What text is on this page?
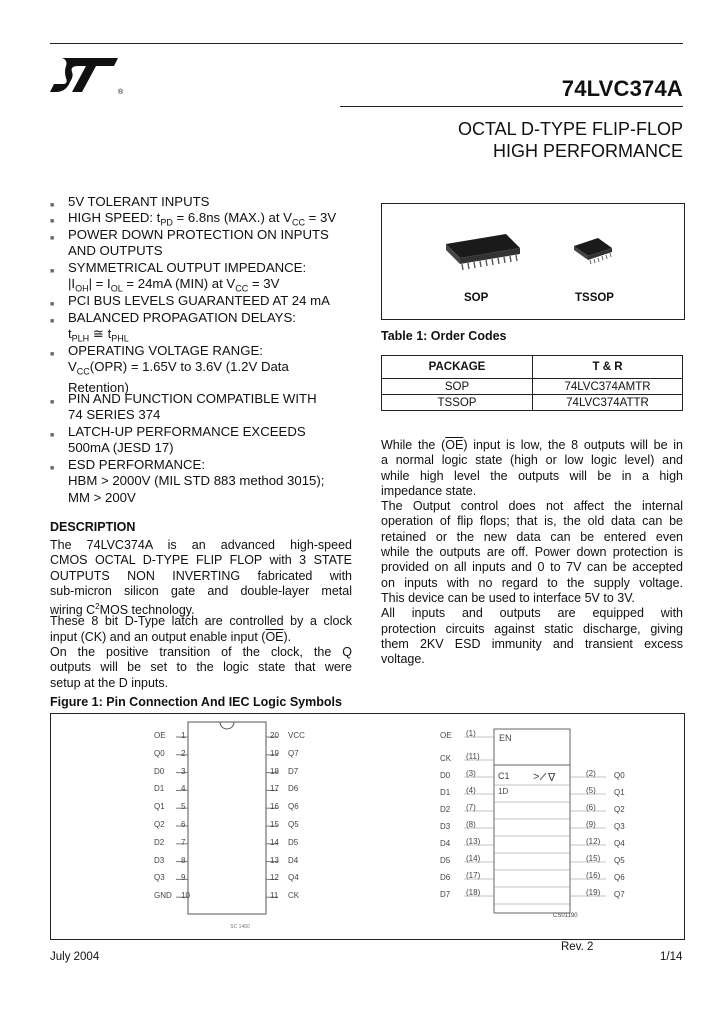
®	74LVC374A
OCTAL D-TYPE FLIP-FLOP
HIGH PERFORMANCE
■ 5V TOLERANT INPUTS
■ HIGH SPEED: $t_{PD} = 6.8ns$ (MAX.) at $V_{CC} = 3V$
■ POWER DOWN PROTECTION ON INPUTS
AND OUTPUTS
■ SYMMETRICAL OUTPUT IMPEDANCE:
$|I_{OH}| = I_{OL} = 24mA$ (MIN) at $V_{CC} = 3V$
■ PCI BUS LEVELS GUARANTEED AT 24 mA
■ BALANCED PROPAGATION DELAYS:
$t_{PLH}$ ≅ $t_{PHL}$
■ OPERATING VOLTAGE RANGE:
$V_{CC}(OPR) = 1.65V$ to 3.6V (1.2V Data
Retention)
■ PIN AND FUNCTION COMPATIBLE WITH
74 SERIES 374
■ LATCH-UP PERFORMANCE EXCEEDS
500mA (JESD 17)
■ ESD PERFORMANCE:
HBM > 2000V (MIL STD 883 method 3015);
MM > 200V
SOP	TSSOP
Table 1: Order Codes
PACKAGE	T & R
SOP	74LVC374AMTR
TSSOP	74LVC374ATTR
While the $(\overline{OE})$ input is low, the 8 outputs will be in
a normal logic state (high or low logic level) and
while high level the outputs will be in a high
impedance state.
The Output control does not affect the internal
operation of flip flops; that is, the old data can be
retained or the new data can be entered even
while the outputs are off. Power down protection is
provided on all inputs and 0 to 7V can be accepted
on inputs with no regard to the supply voltage.
This device can be used to interface 5V to 3V.
All inputs and outputs are equipped with
protection circuits against static discharge, giving
them 2KV ESD immunity and transient excess
voltage.
DESCRIPTION
The 74LVC374A is an advanced high-speed
CMOS OCTAL D-TYPE FLIP FLOP with 3 STATE
OUTPUTS NON INVERTING fabricated with
sub-micron silicon gate and double-layer metal
wiring $C^2MOS$ technology.
These 8 bit D-Type latch are controlled by a clock
input (CK) and an output enable input $(\overline{OE})$.
On the positive transition of the clock, the Q
outputs will be set to the logic state that were
setup at the D inputs.
Figure 1: Pin Connection And IEC Logic Symbols
SC 1460
OE 1	20 VCC
Q0 2	19 Q7
D0 3	18 D7
D1 4	17 D6
Q1 5	16 Q6
Q2 6	15 Q5
D2 7	14 D5
D3 8	13 D4
Q3 9	12 Q4
GND 10	11 CK
EN
C1 > ∇
1D
OE (1)
CK (11)
D0 (3)
D1 (4)
D2 (7)
D3 (8)
D4 (13)
D5 (14)
D6 (17)
D7 (18)
(2) Q0
(5) Q1
(6) Q2
(9) Q3
(12) Q4
(15) Q5
(16) Q6
(19) Q7
CS01190
Rev. 2
July 2004	1/14
